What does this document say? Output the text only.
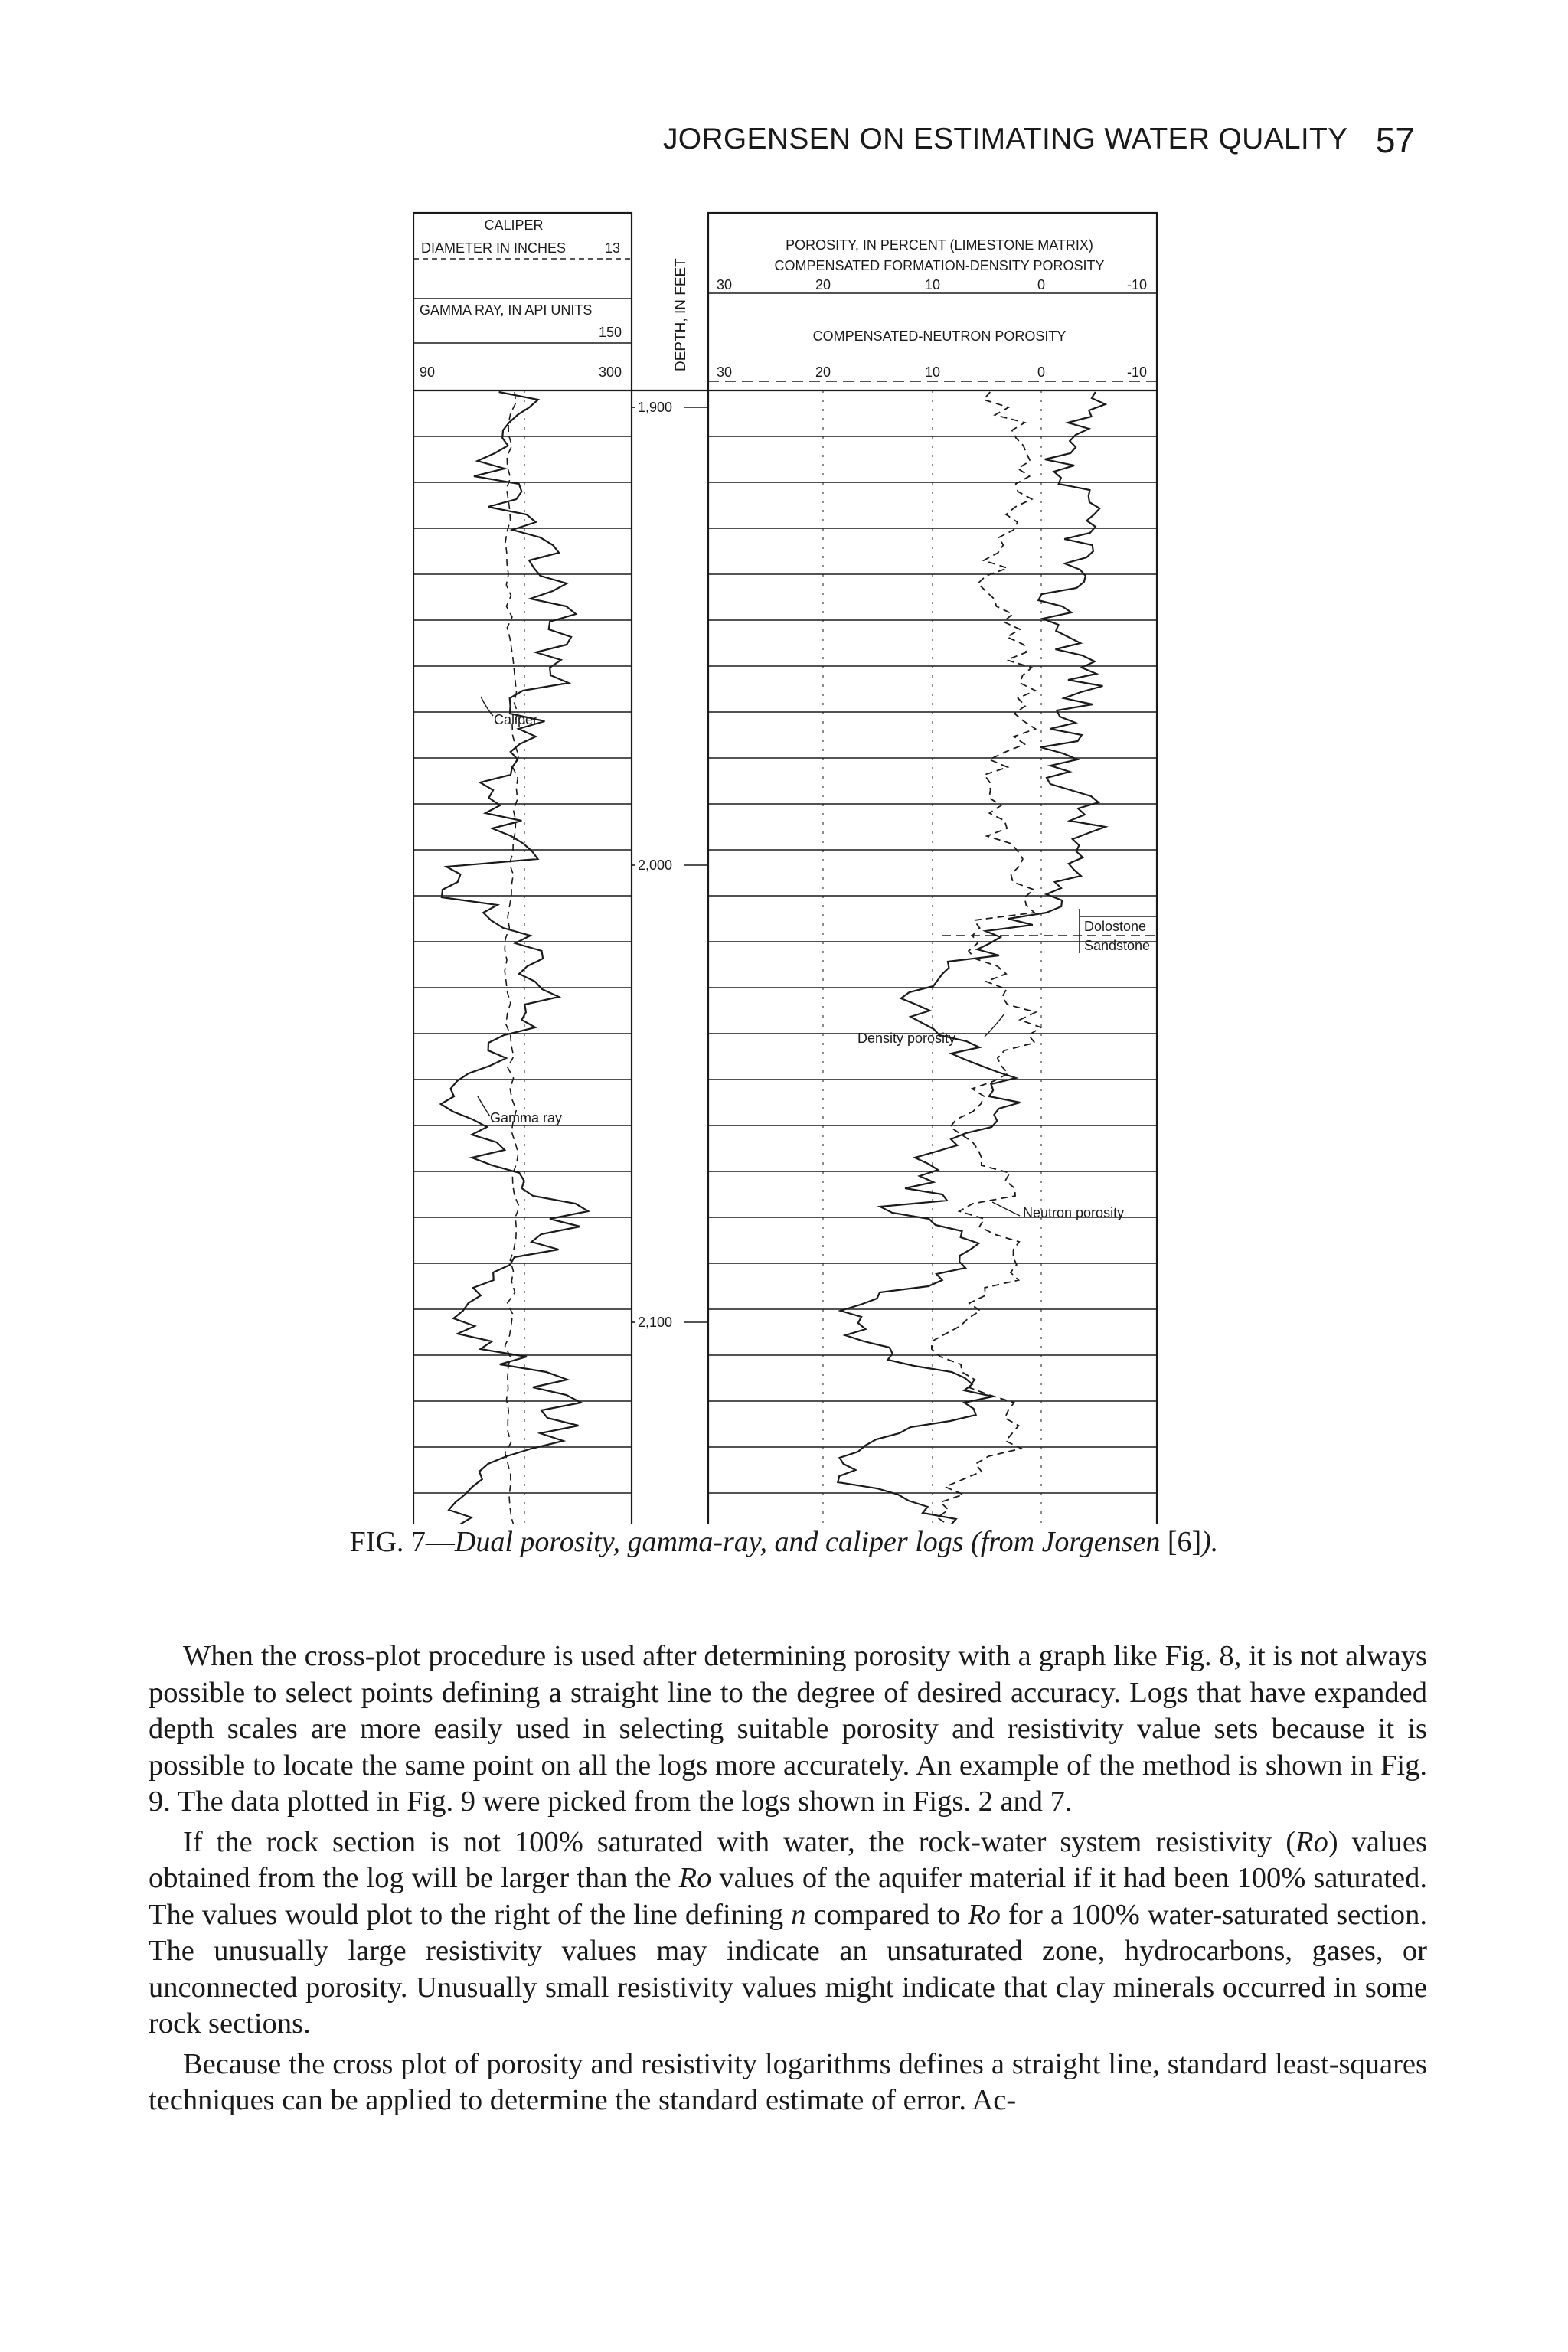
JORGENSEN ON ESTIMATING WATER QUALITY 57
CALIPER
DIAMETER IN INCHES	13
GAMMA RAY, IN API UNITS
150
90	300
DEPTH, IN FEET
POROSITY, IN PERCENT (LIMESTONE MATRIX)
COMPENSATED FORMATION-DENSITY POROSITY
COMPENSATED-NEUTRON POROSITY
30	20	10	0	-10
30	20	10	0	-10
1,900
2,000
2,100
Dolostone
Sandstone
Caliper
Gamma ray
Density porosity
Neutron porosity
FIG. 7—Dual porosity, gamma-ray, and caliper logs (from Jorgensen [6]).

When the cross-plot procedure is used after determining porosity with a graph like Fig. 8, it is not always possible to select points defining a straight line to the degree of desired accuracy. Logs that have expanded depth scales are more easily used in selecting suitable porosity and resistivity value sets because it is possible to locate the same point on all the logs more accurately. An example of the method is shown in Fig. 9. The data plotted in Fig. 9 were picked from the logs shown in Figs. 2 and 7.

If the rock section is not 100% saturated with water, the rock-water system resistivity (Ro) values obtained from the log will be larger than the Ro values of the aquifer material if it had been 100% saturated. The values would plot to the right of the line defining n compared to Ro for a 100% water-saturated section. The unusually large resistivity values may indicate an unsaturated zone, hydrocarbons, gases, or unconnected porosity. Unusually small resistivity values might indicate that clay minerals occurred in some rock sections.

Because the cross plot of porosity and resistivity logarithms defines a straight line, standard least-squares techniques can be applied to determine the standard estimate of error. Ac-
